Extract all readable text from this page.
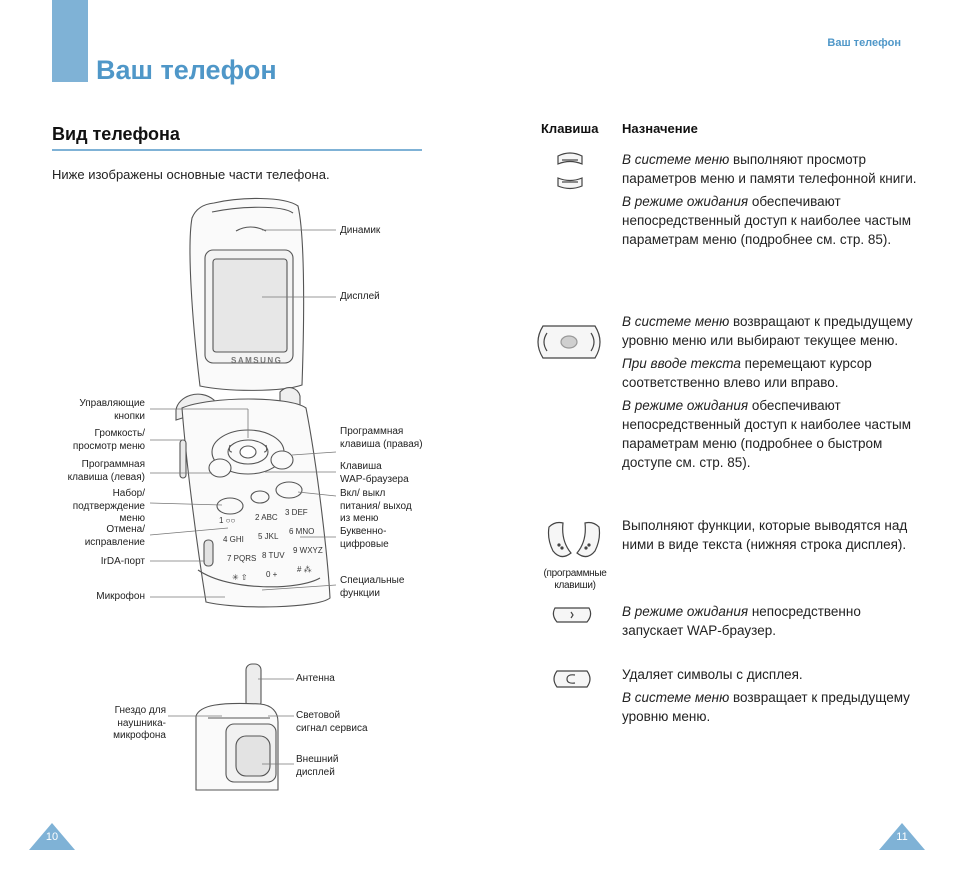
Ваш телефон
Ваш телефон
Вид телефона
Ниже изображены основные части телефона.
SAMSUNG
1 ○○ 2 ABC
3 DEF
4 GHI 5 JKL
6 MNO
7 PQRS 8 TUV
9 WXYZ
✳ ⇧ 0 +
# ⁂
Управляющие
кнопки
Громкость/
просмотр меню
Программная
клавиша (левая)
Набор/
подтверждение
меню
Отмена/
исправление
IrDA-порт
Микрофон
Динамик
Дисплей
Программная
клавиша (правая)
Клавиша
WAP-браузера
Вкл/ выкл
питания/ выход
из меню
Буквенно-
цифровые
Специальные
функции
Гнездо для
наушника-
микрофона
Антенна
Световой
сигнал сервиса
Внешний
дисплей
Клавиша Назначение
(программные клавиши)

В системе меню выполняют просмотр параметров меню и памяти телефонной книги.

В режиме ожидания обеспечивают непосредственный доступ к наиболее частым параметрам меню (подробнее см. стр. 85).

В системе меню возвращают к предыдущему уровню меню или выбирают текущее меню.

При вводе текста перемещают курсор соответственно влево или вправо.

В режиме ожидания обеспечивают непосредственный доступ к наиболее частым параметрам меню (подробнее о быстром доступе см. стр. 85).

Выполняют функции, которые выводятся над ними в виде текста (нижняя строка дисплея).

В режиме ожидания непосредственно запускает WAP-браузер.

Удаляет символы с дисплея.

В системе меню возвращает к предыдущему уровню меню.

10	11
